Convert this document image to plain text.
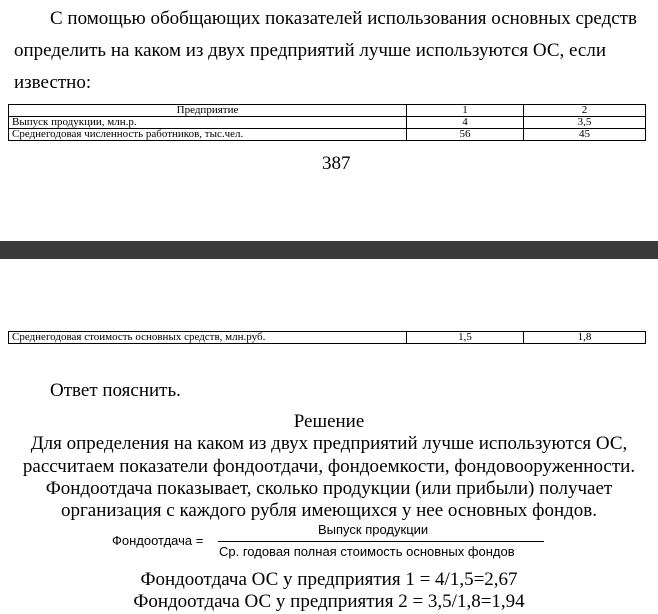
С помощью обобщающих показателей использования основных средств
определить на каком из двух предприятий лучше используются ОС, если
известно:
Предприятие	1	2
Выпуск продукции, млн.р.	4	3,5
Среднегодовая численность работников, тыс.чел.	56	45
387
Среднегодовая стоимость основных средств, млн.руб.	1,5	1,8
Ответ пояснить.
Решение
Для определения на каком из двух предприятий лучше используются ОС,
рассчитаем показатели фондоотдачи, фондоемкости, фондовооруженности.
Фондоотдача показывает, сколько продукции (или прибыли) получает
организация с каждого рубля имеющихся у нее основных фондов.
Фондоотдача =
Выпуск продукции
Ср. годовая полная стоимость основных фондов
Фондоотдача ОС у предприятия 1 = 4/1,5=2,67
Фондоотдача ОС у предприятия 2 = 3,5/1,8=1,94
